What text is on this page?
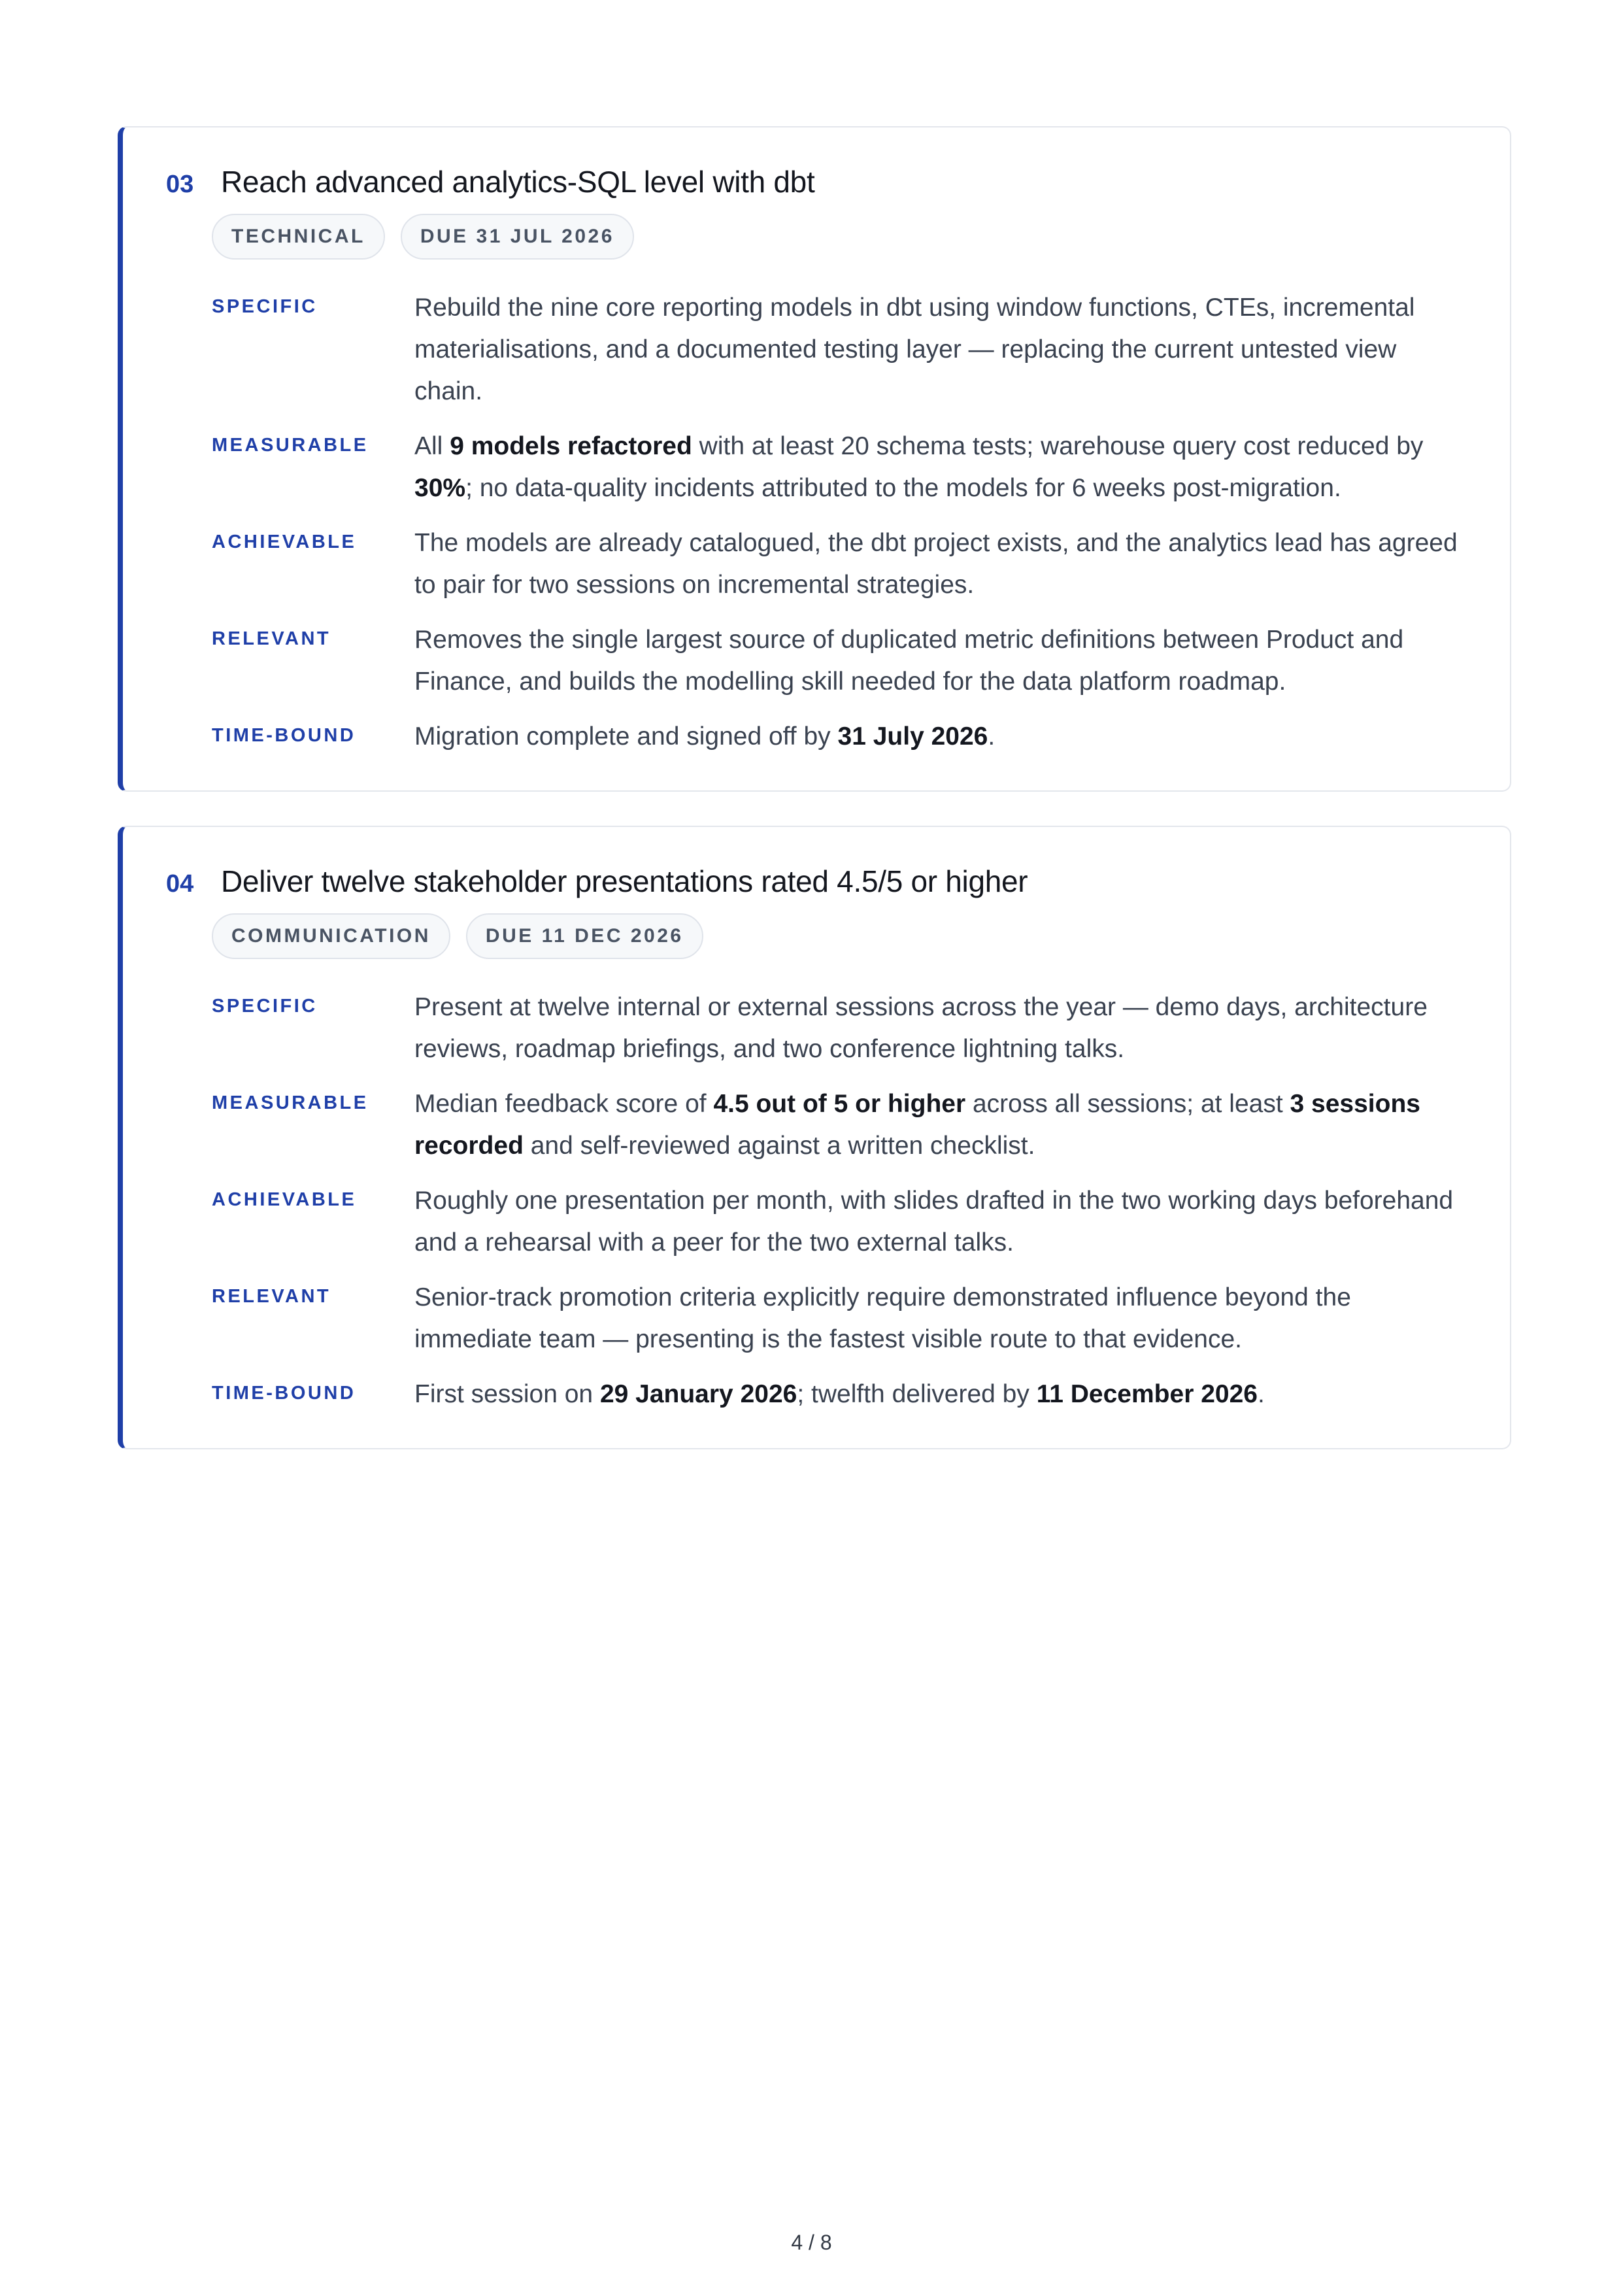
03 Reach advanced analytics-SQL level with dbt
TECHNICAL	DUE 31 JUL 2026
SPECIFIC	Rebuild the nine core reporting models in dbt using window functions, CTEs, incremental materialisations, and a documented testing layer — replacing the current untested view chain.
MEASURABLE	All 9 models refactored with at least 20 schema tests; warehouse query cost reduced by 30%; no data-quality incidents attributed to the models for 6 weeks post-migration.
ACHIEVABLE	The models are already catalogued, the dbt project exists, and the analytics lead has agreed to pair for two sessions on incremental strategies.
RELEVANT	Removes the single largest source of duplicated metric definitions between Product and Finance, and builds the modelling skill needed for the data platform roadmap.
TIME-BOUND	Migration complete and signed off by 31 July 2026.
04 Deliver twelve stakeholder presentations rated 4.5/5 or higher
COMMUNICATION	DUE 11 DEC 2026
SPECIFIC	Present at twelve internal or external sessions across the year — demo days, architecture reviews, roadmap briefings, and two conference lightning talks.
MEASURABLE	Median feedback score of 4.5 out of 5 or higher across all sessions; at least 3 sessions recorded and self-reviewed against a written checklist.
ACHIEVABLE	Roughly one presentation per month, with slides drafted in the two working days beforehand and a rehearsal with a peer for the two external talks.
RELEVANT	Senior-track promotion criteria explicitly require demonstrated influence beyond the immediate team — presenting is the fastest visible route to that evidence.
TIME-BOUND	First session on 29 January 2026; twelfth delivered by 11 December 2026.
4 / 8
